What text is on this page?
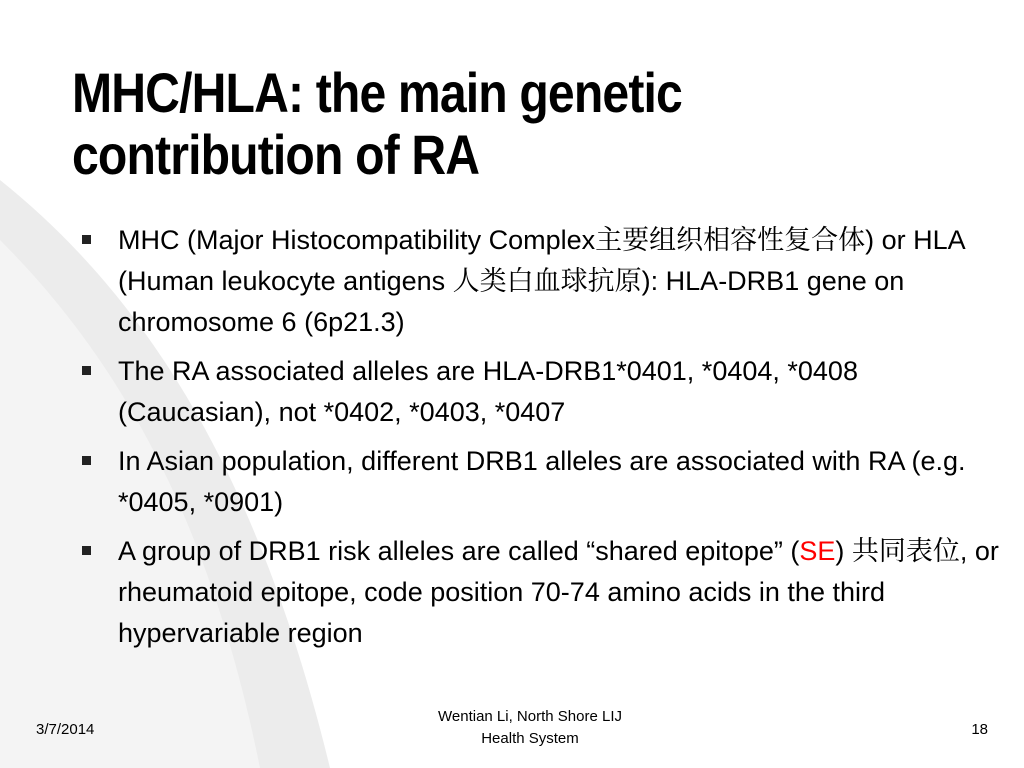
MHC/HLA: the main genetic
contribution of RA
MHC (Major Histocompatibility Complex主要组织相容性复合体) or HLA (Human leukocyte antigens 人类白血球抗原): HLA-DRB1 gene on chromosome 6 (6p21.3)
The RA associated alleles are HLA-DRB1*0401, *0404, *0408 (Caucasian), not *0402, *0403, *0407
In Asian population, different DRB1 alleles are associated with RA (e.g. *0405, *0901)
A group of DRB1 risk alleles are called “shared epitope” (SE) 共同表位, or rheumatoid epitope, code position 70-74 amino acids in the third hypervariable region
3/7/2014
Wentian Li, North Shore LIJ
Health System
18
